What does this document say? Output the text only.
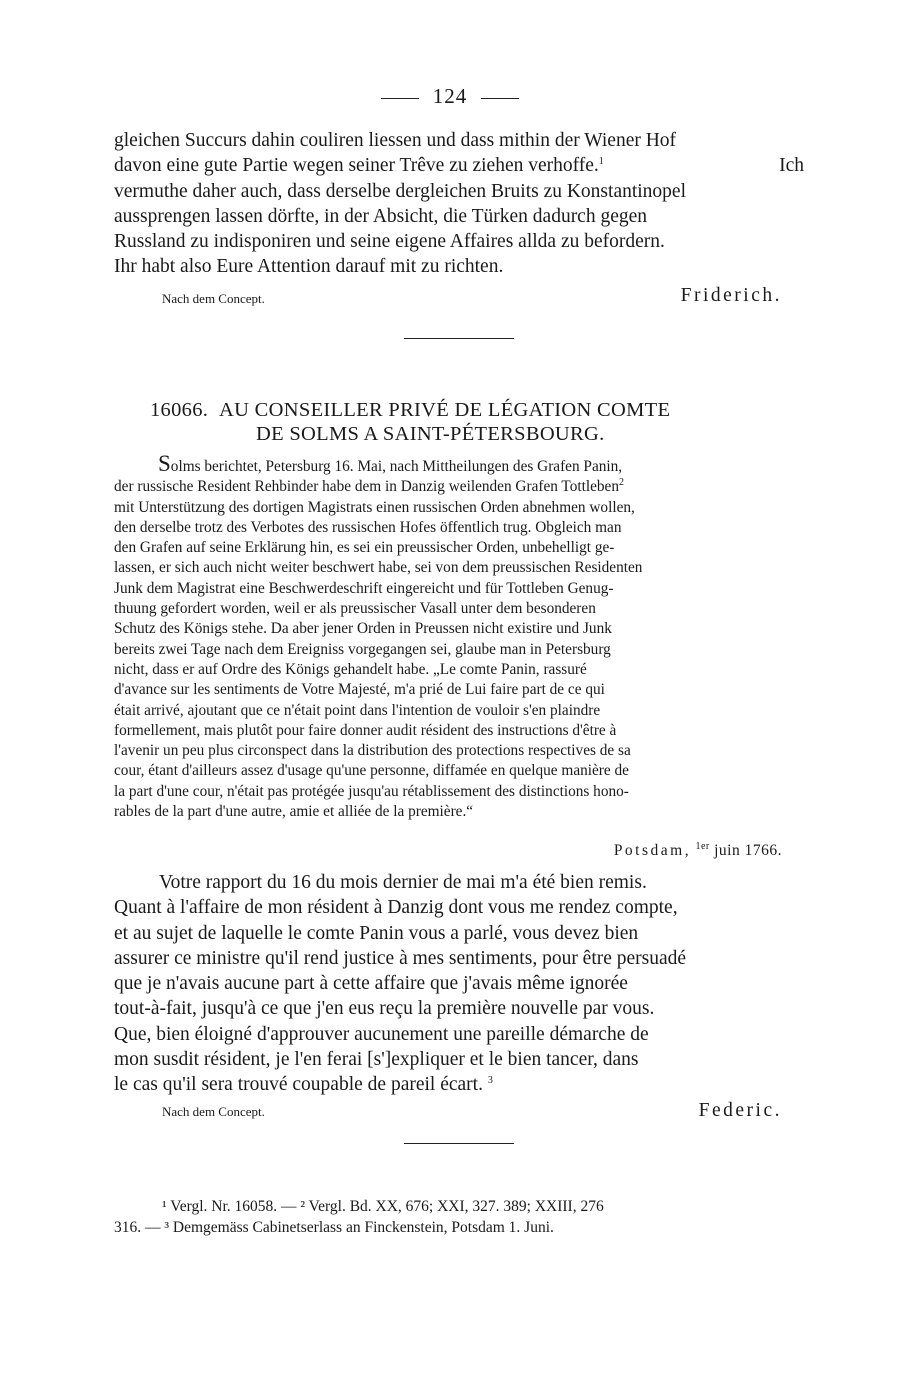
124
gleichen Succurs dahin couliren liessen und dass mithin der Wiener Hof
davon eine gute Partie wegen seiner Trêve zu ziehen verhoffe.1	Ich
vermuthe daher auch, dass derselbe dergleichen Bruits zu Konstantinopel
aussprengen lassen dörfte, in der Absicht, die Türken dadurch gegen
Russland zu indisponiren und seine eigene Affaires allda zu befordern.
Ihr habt also Eure Attention darauf mit zu richten.
Nach dem Concept.	Friderich.
16066. AU CONSEILLER PRIVÉ DE LÉGATION COMTE
DE SOLMS A SAINT-PÉTERSBOURG.
Solms berichtet, Petersburg 16. Mai, nach Mittheilungen des Grafen Panin,
der russische Resident Rehbinder habe dem in Danzig weilenden Grafen Tottleben2
mit Unterstützung des dortigen Magistrats einen russischen Orden abnehmen wollen,
den derselbe trotz des Verbotes des russischen Hofes öffentlich trug. Obgleich man
den Grafen auf seine Erklärung hin, es sei ein preussischer Orden, unbehelligt ge-
lassen, er sich auch nicht weiter beschwert habe, sei von dem preussischen Residenten
Junk dem Magistrat eine Beschwerdeschrift eingereicht und für Tottleben Genug-
thuung gefordert worden, weil er als preussischer Vasall unter dem besonderen
Schutz des Königs stehe. Da aber jener Orden in Preussen nicht existire und Junk
bereits zwei Tage nach dem Ereigniss vorgegangen sei, glaube man in Petersburg
nicht, dass er auf Ordre des Königs gehandelt habe. „Le comte Panin, rassuré
d'avance sur les sentiments de Votre Majesté, m'a prié de Lui faire part de ce qui
était arrivé, ajoutant que ce n'était point dans l'intention de vouloir s'en plaindre
formellement, mais plutôt pour faire donner audit résident des instructions d'être à
l'avenir un peu plus circonspect dans la distribution des protections respectives de sa
cour, étant d'ailleurs assez d'usage qu'une personne, diffamée en quelque manière de
la part d'une cour, n'était pas protégée jusqu'au rétablissement des distinctions hono-
rables de la part d'une autre, amie et alliée de la première.“
Potsdam, $^{1er}$ juin 1766.
Votre rapport du 16 du mois dernier de mai m'a été bien remis.
Quant à l'affaire de mon résident à Danzig dont vous me rendez compte,
et au sujet de laquelle le comte Panin vous a parlé, vous devez bien
assurer ce ministre qu'il rend justice à mes sentiments, pour être persuadé
que je n'avais aucune part à cette affaire que j'avais même ignorée
tout-à-fait, jusqu'à ce que j'en eus reçu la première nouvelle par vous.
Que, bien éloigné d'approuver aucunement une pareille démarche de
mon susdit résident, je l'en ferai [s']expliquer et le bien tancer, dans
le cas qu'il sera trouvé coupable de pareil écart. 3
Nach dem Concept.	Federic.
¹ Vergl. Nr. 16058. — ² Vergl. Bd. XX, 676; XXI, 327. 389; XXIII, 276
316. — ³ Demgemäss Cabinetserlass an Finckenstein, Potsdam 1. Juni.
